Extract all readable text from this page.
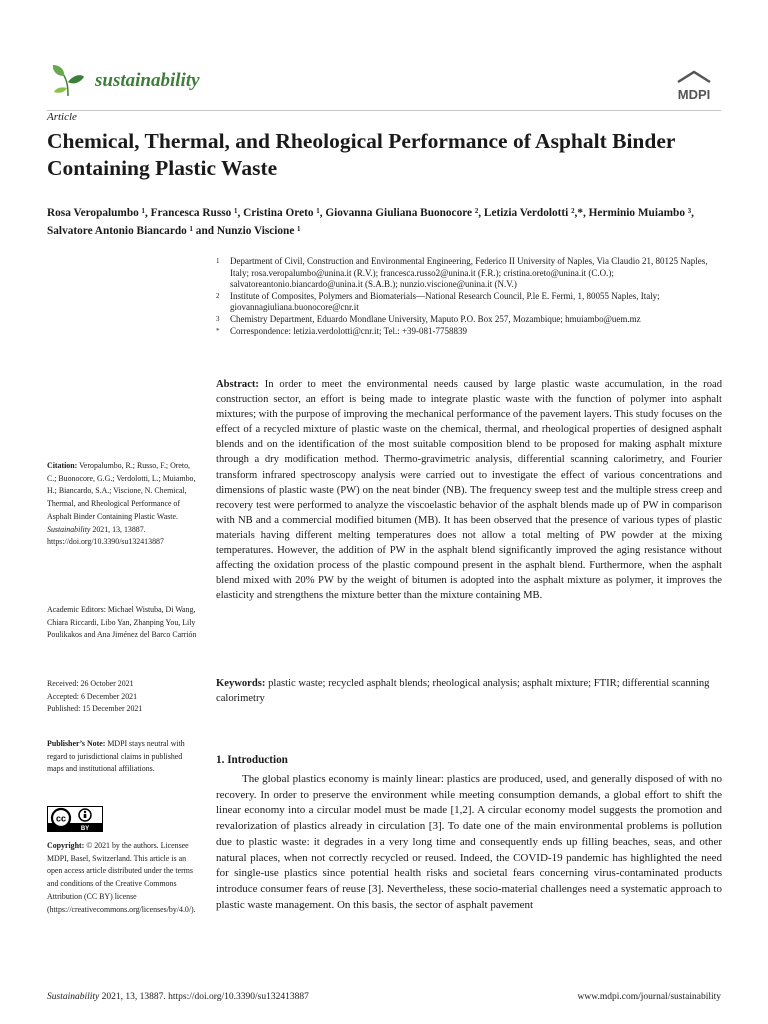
sustainability
MDPI
Article
Chemical, Thermal, and Rheological Performance of Asphalt Binder Containing Plastic Waste
Rosa Veropalumbo ¹, Francesca Russo ¹, Cristina Oreto ¹, Giovanna Giuliana Buonocore ², Letizia Verdolotti ²,*, Herminio Muiambo ³, Salvatore Antonio Biancardo ¹ and Nunzio Viscione ¹
1 Department of Civil, Construction and Environmental Engineering, Federico II University of Naples, Via Claudio 21, 80125 Naples, Italy; rosa.veropalumbo@unina.it (R.V.); francesca.russo2@unina.it (F.R.); cristina.oreto@unina.it (C.O.); salvatoreantonio.biancardo@unina.it (S.A.B.); nunzio.viscione@unina.it (N.V.)
2 Institute of Composites, Polymers and Biomaterials—National Research Council, P.le E. Fermi, 1, 80055 Naples, Italy; giovannagiuliana.buonocore@cnr.it
3 Chemistry Department, Eduardo Mondlane University, Maputo P.O. Box 257, Mozambique; hmuiambo@uem.mz
* Correspondence: letizia.verdolotti@cnr.it; Tel.: +39-081-7758839
Abstract: In order to meet the environmental needs caused by large plastic waste accumulation, in the road construction sector, an effort is being made to integrate plastic waste with the function of polymer into asphalt mixtures; with the purpose of improving the mechanical performance of the pavement layers. This study focuses on the effect of a recycled mixture of plastic waste on the chemical, thermal, and rheological properties of designed asphalt blends and on the identification of the most suitable composition blend to be proposed for making asphalt mixture through a dry modification method. Thermo-gravimetric analysis, differential scanning calorimetry, and Fourier transform infrared spectroscopy analysis were carried out to investigate the effect of various concentrations and dimensions of plastic waste (PW) on the neat binder (NB). The frequency sweep test and the multiple stress creep and recovery test were performed to analyze the viscoelastic behavior of the asphalt blends made up of PW in comparison with NB and a commercial modified bitumen (MB). It has been observed that the presence of various types of plastic materials having different melting temperatures does not allow a total melting of PW powder at the mixing temperatures. However, the addition of PW in the asphalt blend significantly improved the aging resistance without affecting the oxidation process of the plastic compound present in the asphalt blend. Furthermore, when the asphalt blend mixed with 20% PW by the weight of bitumen is adopted into the asphalt mixture as polymer, it improves the elasticity and strengthens the mixture better than the mixture containing MB.
Keywords: plastic waste; recycled asphalt blends; rheological analysis; asphalt mixture; FTIR; differential scanning calorimetry
Citation: Veropalumbo, R.; Russo, F.; Oreto, C.; Buonocore, G.G.; Verdolotti, L.; Muiambo, H.; Biancardo, S.A.; Viscione, N. Chemical, Thermal, and Rheological Performance of Asphalt Binder Containing Plastic Waste. Sustainability 2021, 13, 13887. https://doi.org/10.3390/su132413887
Academic Editors: Michael Wistuba, Di Wang, Chiara Riccardi, Libo Yan, Zhanping You, Lily Poulikakos and Ana Jiménez del Barco Carrión
Received: 26 October 2021
Accepted: 6 December 2021
Published: 15 December 2021
Publisher’s Note: MDPI stays neutral with regard to jurisdictional claims in published maps and institutional affiliations.
cc
BY
Copyright: © 2021 by the authors. Licensee MDPI, Basel, Switzerland. This article is an open access article distributed under the terms and conditions of the Creative Commons Attribution (CC BY) license (https://creativecommons.org/licenses/by/4.0/).
1. Introduction

The global plastics economy is mainly linear: plastics are produced, used, and generally disposed of with no recovery. In order to preserve the environment while meeting consumption demands, a global effort to shift the linear economy into a circular model must be made [1,2]. A circular economy model suggests the promotion and revalorization of plastics already in circulation [3]. To date one of the main environmental problems is pollution due to plastic waste: it degrades in a very long time and consequently ends up filling beaches, seas, and other natural places, when not correctly recycled or reused. Indeed, the COVID-19 pandemic has highlighted the need for single-use plastics since potential health risks and societal fears concerning virus-contaminated products introduce consumer fears of reuse [3]. Nevertheless, these socio-material challenges need a systematic approach to plastic waste management. On this basis, the sector of asphalt pavement

Sustainability 2021, 13, 13887. https://doi.org/10.3390/su132413887	www.mdpi.com/journal/sustainability
